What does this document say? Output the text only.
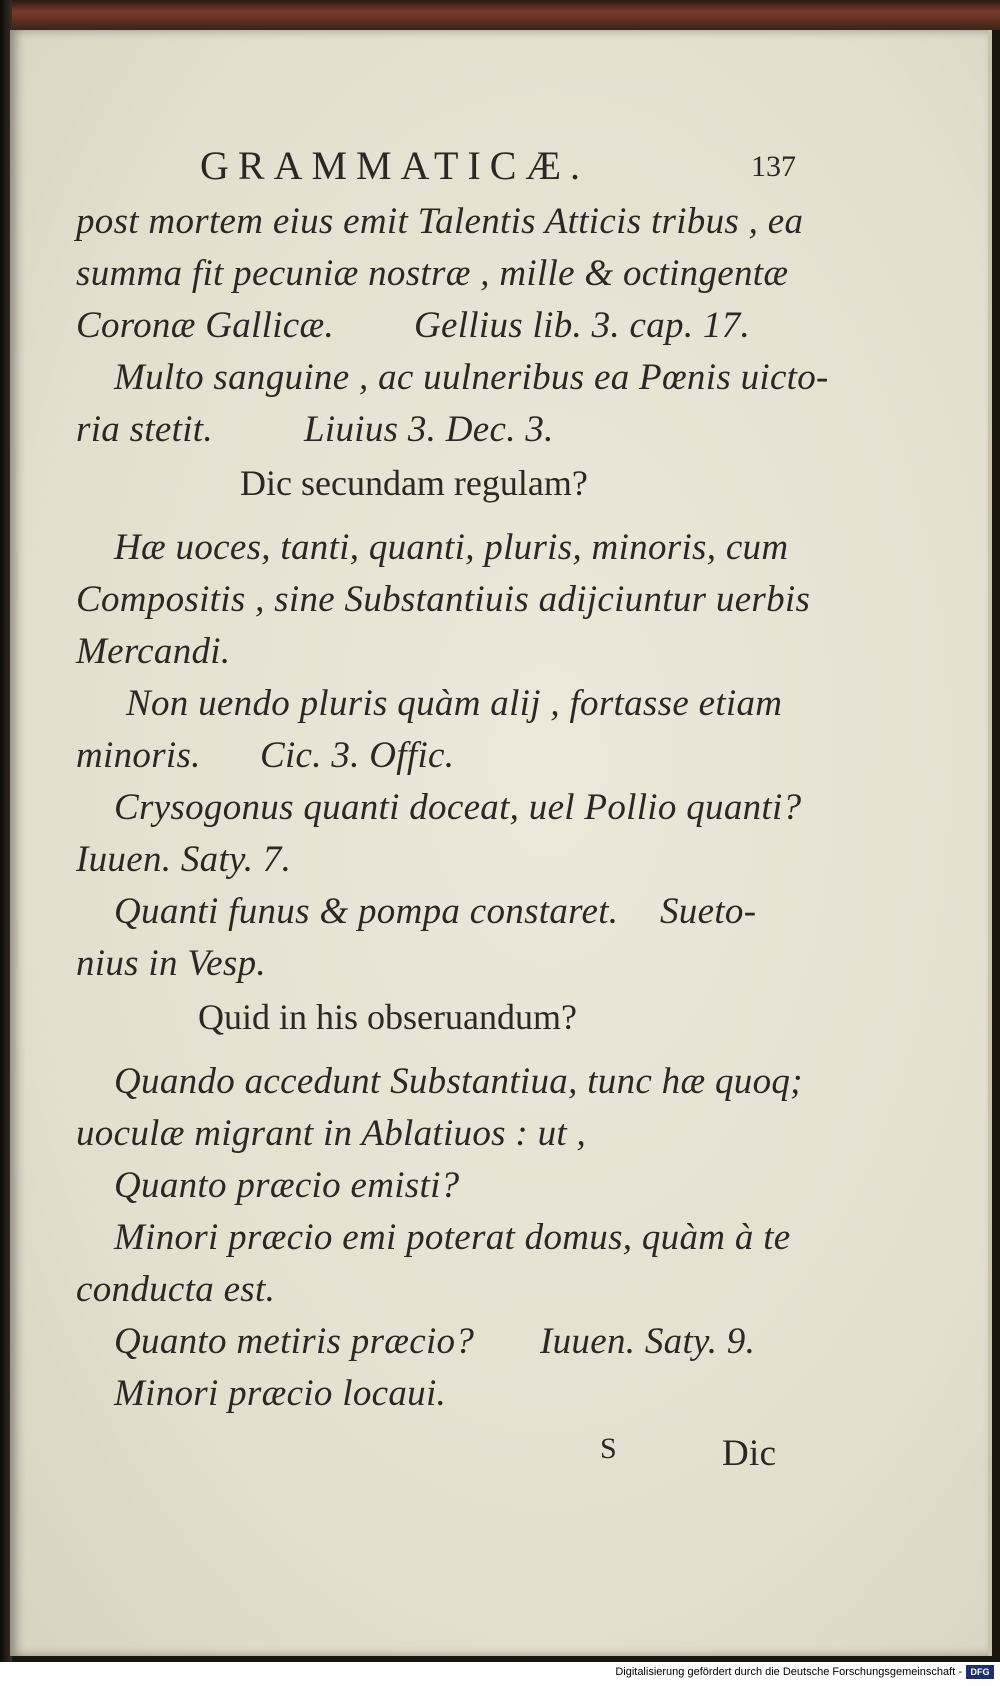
GRAMMATICÆ.	137
post mortem eius emit Talentis Atticis tribus , ea
summa fit pecuniæ nostræ , mille & octingentæ
Coronæ Gallicæ. Gellius lib. 3. cap. 17.
Multo sanguine , ac uulneribus ea Pœnis uicto-
ria stetit. Liuius 3. Dec. 3.
Dic secundam regulam?
Hæ uoces, tanti, quanti, pluris, minoris, cum
Compositis , sine Substantiuis adijciuntur uerbis
Mercandi.
Non uendo pluris quàm alij , fortasse etiam
minoris. Cic. 3. Offic.
Crysogonus quanti doceat, uel Pollio quanti?
Iuuen. Saty. 7.
Quanti funus & pompa constaret. Sueto-
nius in Vesp.
Quid in his obseruandum?
Quando accedunt Substantiua, tunc hæ quoq;
uoculæ migrant in Ablatiuos : ut ,
Quanto præcio emisti?
Minori præcio emi poterat domus, quàm à te
conducta est.
Quanto metiris præcio? Iuuen. Saty. 9.
Minori præcio locaui.
S	Dic
Digitalisierung gefördert durch die Deutsche Forschungsgemeinschaft - DFG
